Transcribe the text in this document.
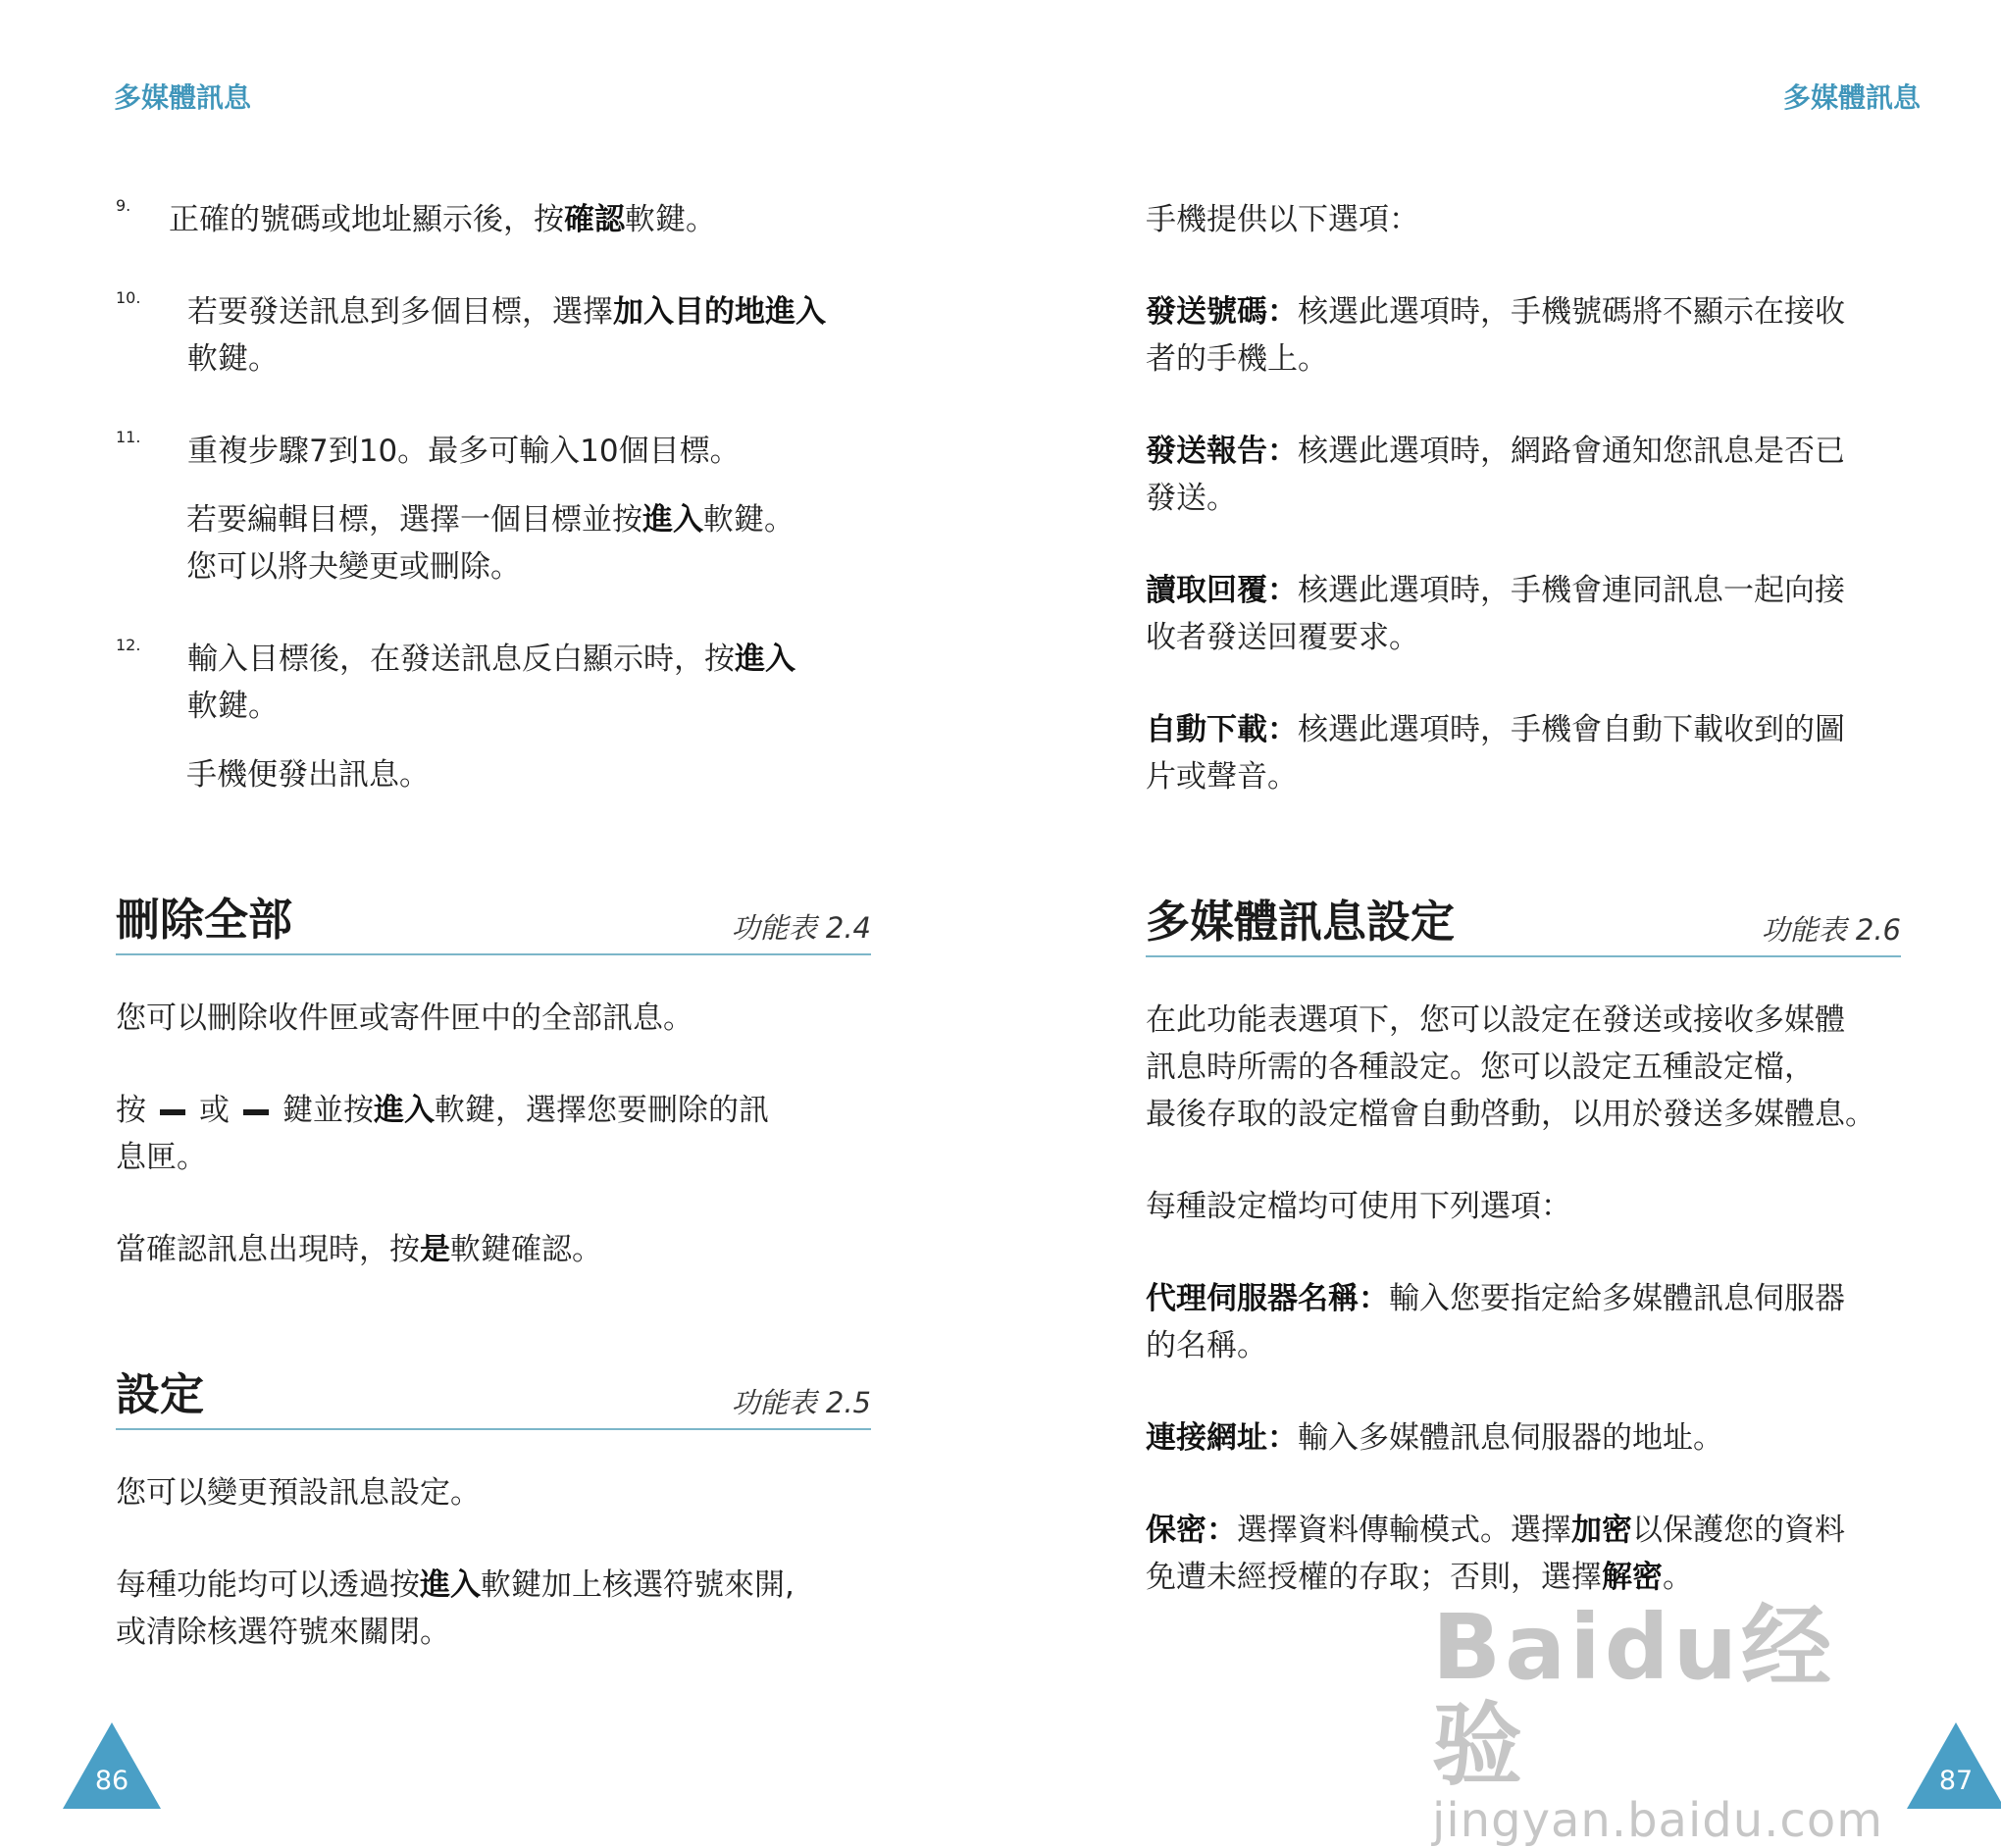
多媒體訊息
9.	正確的號碼或地址顯示後，按確認軟鍵。

10.	若要發送訊息到多個目標，選擇加入目的地進入
軟鍵。

11.	重複步驟7到10。最多可輸入10個目標。

若要編輯目標，選擇一個目標並按進入軟鍵。
您可以將夬變更或刪除。

12.	輸入目標後，在發送訊息反白顯示時，按進入
軟鍵。

手機便發出訊息。

刪除全部	功能表 2.4

您可以刪除收件匣或寄件匣中的全部訊息。

按 或 鍵並按進入軟鍵，選擇您要刪除的訊
息匣。

當確認訊息出現時，按是軟鍵確認。

設定	功能表 2.5

您可以變更預設訊息設定。

每種功能均可以透過按進入軟鍵加上核選符號來開,
或清除核選符號來關閉。

86
多媒體訊息

手機提供以下選項：

發送號碼：核選此選項時，手機號碼將不顯示在接收
者的手機上。

發送報告：核選此選項時，網路會通知您訊息是否已
發送。

讀取回覆：核選此選項時，手機會連同訊息一起向接
收者發送回覆要求。

自動下載：核選此選項時，手機會自動下載收到的圖
片或聲音。

多媒體訊息設定	功能表 2.6

在此功能表選項下，您可以設定在發送或接收多媒體
訊息時所需的各種設定。您可以設定五種設定檔，
最後存取的設定檔會自動啓動，以用於發送多媒體息。

每種設定檔均可使用下列選項：

代理伺服器名稱：輸入您要指定給多媒體訊息伺服器
的名稱。

連接網址：輸入多媒體訊息伺服器的地址。

保密：選擇資料傳輸模式。選擇加密以保護您的資料
免遭未經授權的存取；否則，選擇解密。

87
Baidu经验
jingyan.baidu.com
